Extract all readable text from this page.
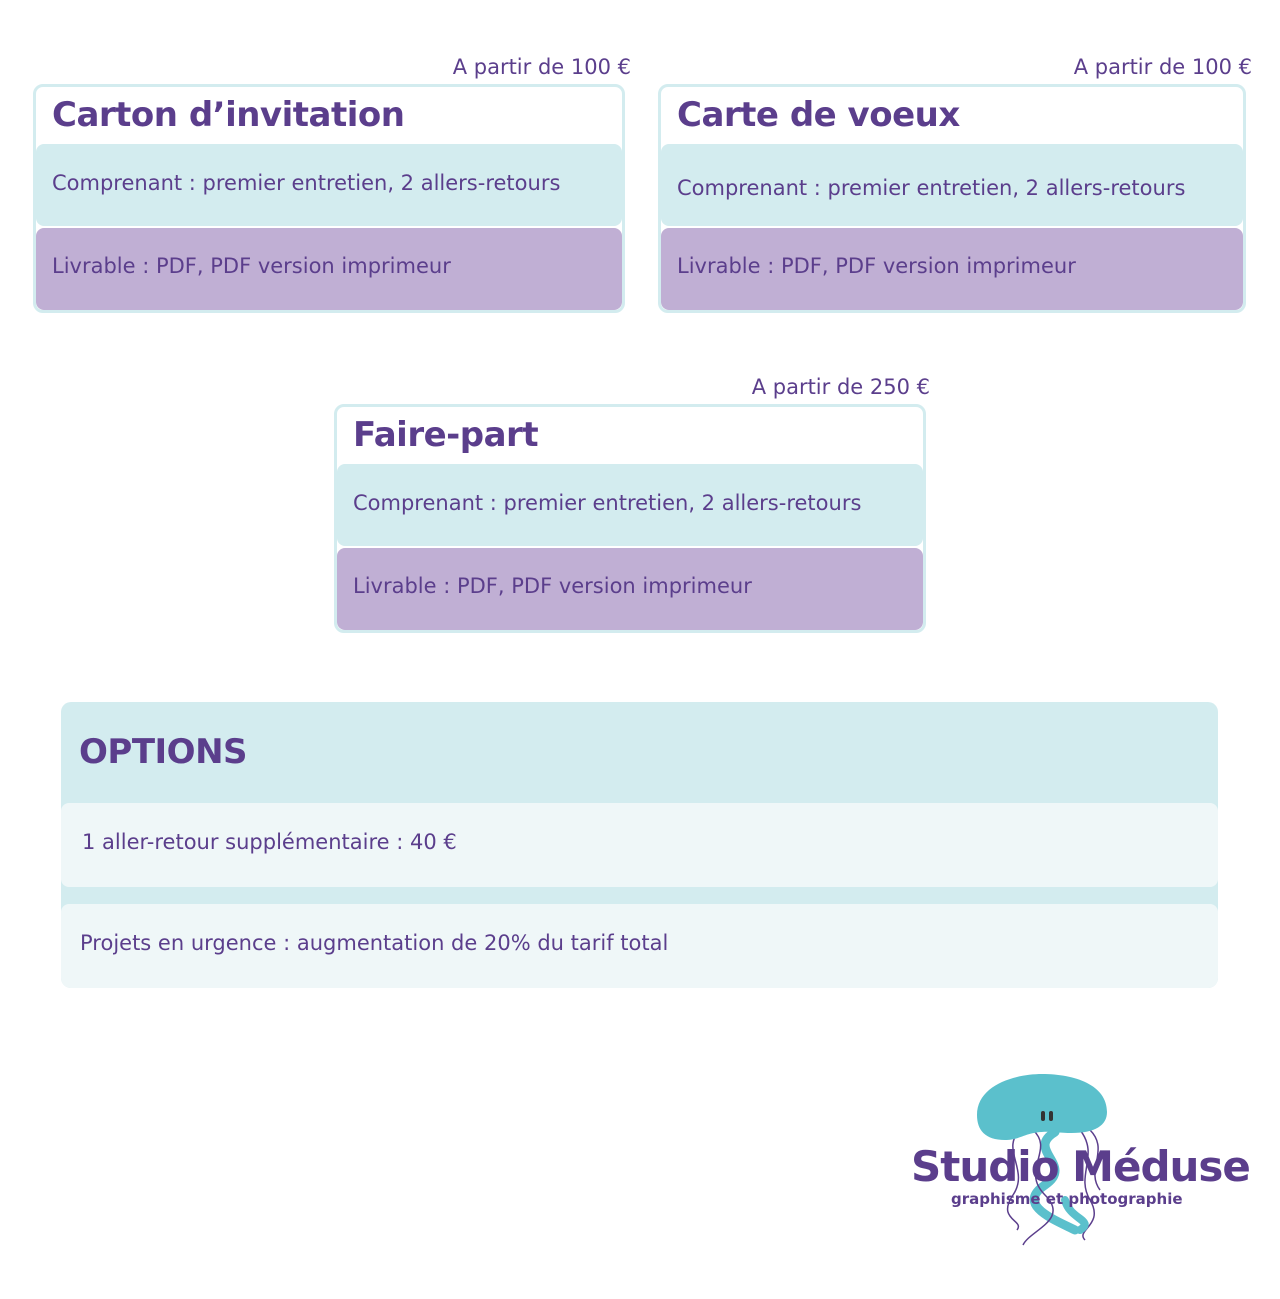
A partir de 100 €
Carton d’invitation
Comprenant : premier entretien, 2 allers-retours
Livrable : PDF, PDF version imprimeur
A partir de 100 €
Carte de voeux
Comprenant : premier entretien, 2 allers-retours
Livrable : PDF, PDF version imprimeur
A partir de 250 €
Faire-part
Comprenant : premier entretien, 2 allers-retours
Livrable : PDF, PDF version imprimeur
OPTIONS
1 aller-retour supplémentaire : 40 €
Projets en urgence : augmentation de 20% du tarif total
Studio Méduse
graphisme et photographie
